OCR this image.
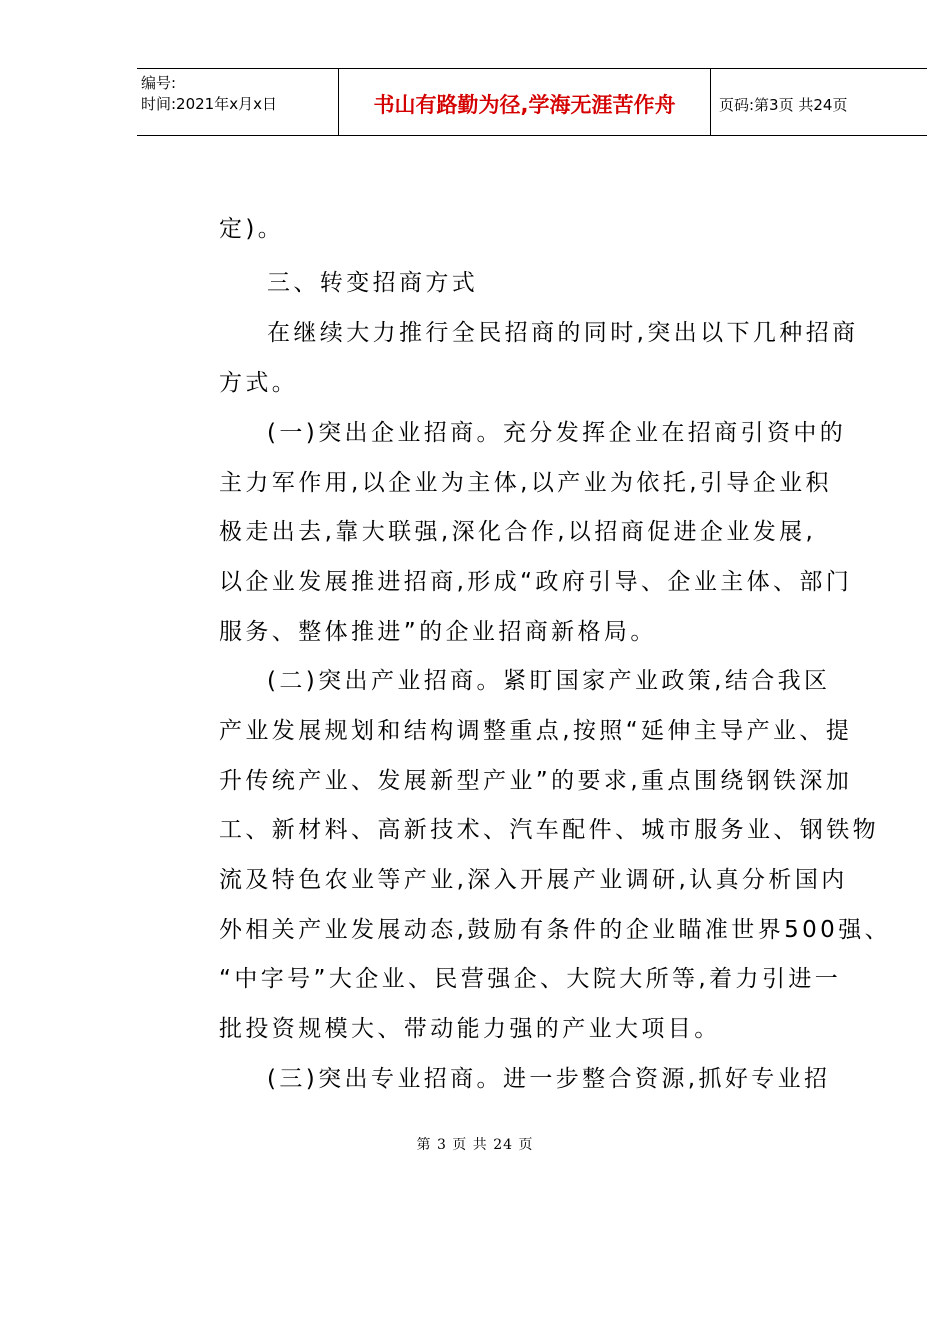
编号:
时间:2021年x月x日	书山有路勤为径,学海无涯苦作舟	页码:第3页 共24页
定)。
三、转变招商方式
在继续大力推行全民招商的同时,突出以下几种招商
方式。
(一)突出企业招商。充分发挥企业在招商引资中的
主力军作用,以企业为主体,以产业为依托,引导企业积
极走出去,靠大联强,深化合作,以招商促进企业发展,
以企业发展推进招商,形成“政府引导、企业主体、部门
服务、整体推进”的企业招商新格局。
(二)突出产业招商。紧盯国家产业政策,结合我区
产业发展规划和结构调整重点,按照“延伸主导产业、提
升传统产业、发展新型产业”的要求,重点围绕钢铁深加
工、新材料、高新技术、汽车配件、城市服务业、钢铁物
流及特色农业等产业,深入开展产业调研,认真分析国内
外相关产业发展动态,鼓励有条件的企业瞄准世界500强、
“中字号”大企业、民营强企、大院大所等,着力引进一
批投资规模大、带动能力强的产业大项目。
(三)突出专业招商。进一步整合资源,抓好专业招
第 3 页 共 24 页
